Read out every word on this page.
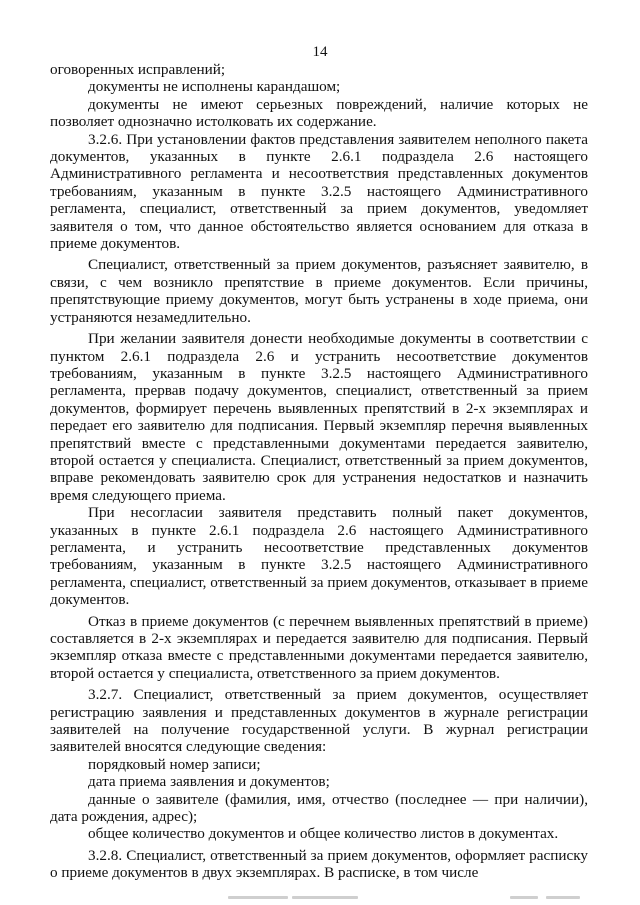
14

оговоренных исправлений;

документы не исполнены карандашом;

документы не имеют серьезных повреждений, наличие которых не позволяет однозначно истолковать их содержание.

3.2.6. При установлении фактов представления заявителем неполного пакета документов, указанных в пункте 2.6.1 подраздела 2.6 настоящего Административного регламента и несоответствия представленных документов требованиям, указанным в пункте 3.2.5 настоящего Административного регламента, специалист, ответственный за прием документов, уведомляет заявителя о том, что данное обстоятельство является основанием для отказа в приеме документов.

Специалист, ответственный за прием документов, разъясняет заявителю, в связи, с чем возникло препятствие в приеме документов. Если причины, препятствующие приему документов, могут быть устранены в ходе приема, они устраняются незамедлительно.

При желании заявителя донести необходимые документы в соответствии с пунктом 2.6.1 подраздела 2.6 и устранить несоответствие документов требованиям, указанным в пункте 3.2.5 настоящего Административного регламента, прервав подачу документов, специалист, ответственный за прием документов, формирует перечень выявленных препятствий в 2-х экземплярах и передает его заявителю для подписания. Первый экземпляр перечня выявленных препятствий вместе с представленными документами передается заявителю, второй остается у специалиста. Специалист, ответственный за прием документов, вправе рекомендовать заявителю срок для устранения недостатков и назначить время следующего приема.

При несогласии заявителя представить полный пакет документов, указанных в пункте 2.6.1 подраздела 2.6 настоящего Административного регламента, и устранить несоответствие представленных документов требованиям, указанным в пункте 3.2.5 настоящего Административного регламента, специалист, ответственный за прием документов, отказывает в приеме документов.

Отказ в приеме документов (с перечнем выявленных препятствий в приеме) составляется в 2-х экземплярах и передается заявителю для подписания. Первый экземпляр отказа вместе с представленными документами передается заявителю, второй остается у специалиста, ответственного за прием документов.

3.2.7. Специалист, ответственный за прием документов, осуществляет регистрацию заявления и представленных документов в журнале регистрации заявителей на получение государственной услуги. В журнал регистрации заявителей вносятся следующие сведения:

порядковый номер записи;

дата приема заявления и документов;

данные о заявителе (фамилия, имя, отчество (последнее — при наличии), дата рождения, адрес);

общее количество документов и общее количество листов в документах.

3.2.8. Специалист, ответственный за прием документов, оформляет расписку о приеме документов в двух экземплярах. В расписке, в том числе
